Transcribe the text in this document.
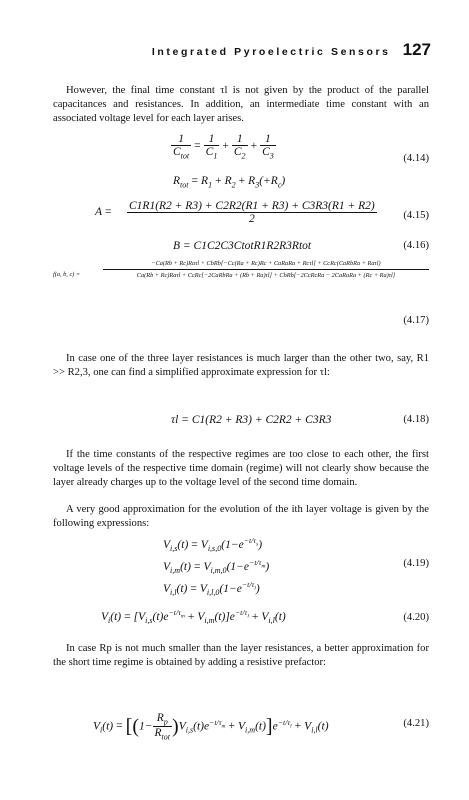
Integrated Pyroelectric Sensors 127

However, the final time constant τl is not given by the product of the parallel capacitances and resistances. In addition, an intermediate time constant with an associated voltage level for each layer arises.

$\frac{1}{C_{tot}} = \frac{1}{C_1} + \frac{1}{C_2} + \frac{1}{C_3}$	(4.14)
$R_{tot} = R_1 + R_2 + R_3(+R_c)$
$A = \frac{C1R1(R2 + R3) + C2R2(R1 + R3) + C3R3(R1 + R2)}{2}$	(4.15)
B = C1C2C3CtotR1R2R3Rtot	(4.16)
f(a, b, c) =
−Ca(Rb + Rc)Raτl + CbRb[−Cc(Ra + Rc)Rc + CaRaRa + Rcτl] + CcRc(CaRbRa + Raτl)
Ca(Rb + Rc)Raτl + CcRc[−2CaRbRa + (Rb + Ra)τl] + CbRb[−2CcRcRa − 2CaRaRa + (Rc + Ra)τl]
(4.17)

In case one of the three layer resistances is much larger than the other two, say, R1 >> R2,3, one can find a simplified approximate expression for τl:

τl = C1(R2 + R3) + C2R2 + C3R3	(4.18)

If the time constants of the respective regimes are too close to each other, the first voltage levels of the respective time domain (regime) will not clearly show because the layer already charges up to the voltage level of the second time domain.

A very good approximation for the evolution of the ith layer voltage is given by the following expressions:

$V_{i,s}(t) = V_{i,s,0}(1-e^{-t/\tau_s})$
$V_{i,m}(t) = V_{i,m,0}(1-e^{-t/\tau_m})$
$V_{i,l}(t) = V_{i,l,0}(1-e^{-t/\tau_l})$
(4.19)
$V_i(t) = [V_{i,s}(t)e^{-t/\tau_m} + V_{i,m}(t)]e^{-t/\tau_l} + V_{i,l}(t)$	(4.20)

In case Rp is not much smaller than the layer resistances, a better approximation for the short time regime is obtained by adding a resistive prefactor:

$V_i(t) = [(1- \frac{R_p}{R_{tot}} )V_{i,s}(t)e^{-t/\tau_m} + V_{i,m}(t)]e^{-t/\tau_l} + V_{i,l}(t)$	(4.21)
